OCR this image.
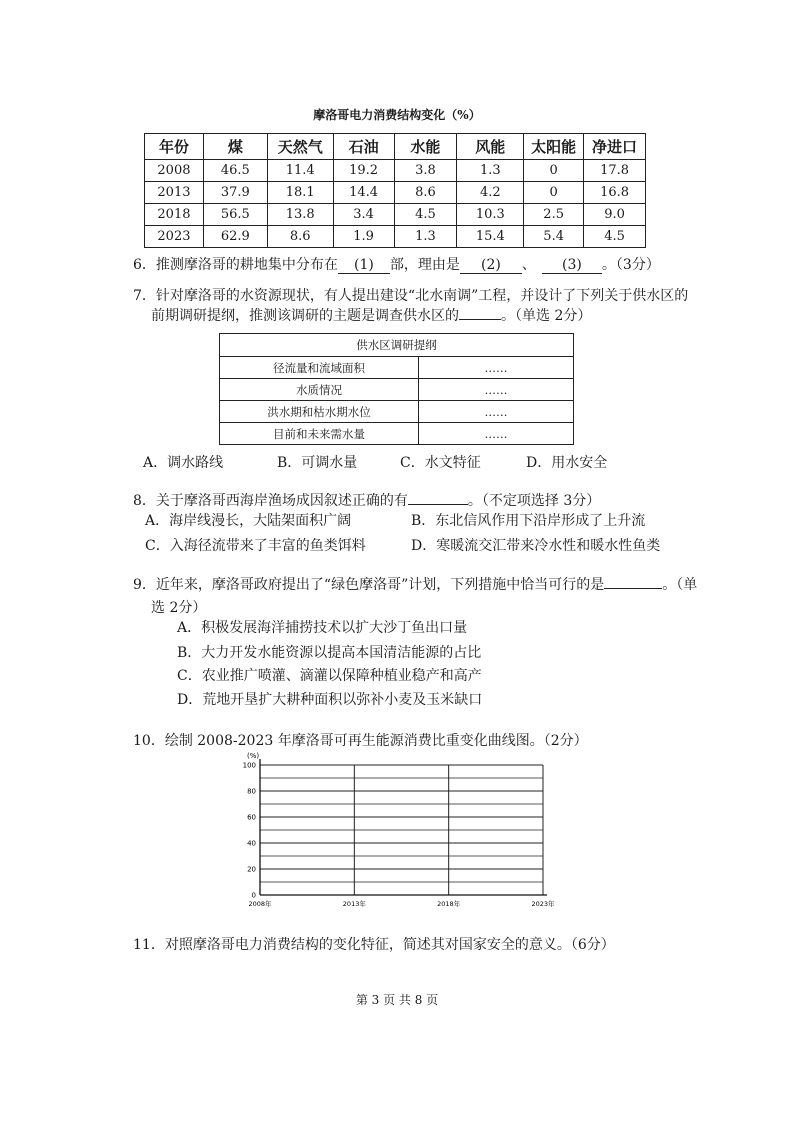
摩洛哥电力消费结构变化（%）
年份	煤	天然气	石油	水能	风能	太阳能	净进口
2008	46.5	11.4	19.2	3.8	1.3	0	17.8
2013	37.9	18.1	14.4	8.6	4.2	0	16.8
2018	56.5	13.8	3.4	4.5	10.3	2.5	9.0
2023	62.9	8.6	1.9	1.3	15.4	5.4	4.5
6．推测摩洛哥的耕地集中分布在 (1) 部，理由是 (2) 、 (3) 。（3分）
7．针对摩洛哥的水资源现状，有人提出建设“北水南调”工程，并设计了下列关于供水区的
前期调研提纲，推测该调研的主题是调查供水区的	。（单选 2分）
供水区调研提纲	
径流量和流域面积	……
水质情况	……
洪水期和枯水期水位	……
目前和未来需水量	……
A．调水路线	B．可调水量	C．水文特征	D．用水安全
8．关于摩洛哥西海岸渔场成因叙述正确的有	。（不定项选择 3分）
A．海岸线漫长，大陆架面积广阔	B．东北信风作用下沿岸形成了上升流
C．入海径流带来了丰富的鱼类饵料	D．寒暖流交汇带来冷水性和暖水性鱼类
9．近年来，摩洛哥政府提出了“绿色摩洛哥”计划，下列措施中恰当可行的是	。（单
选 2分）
A．积极发展海洋捕捞技术以扩大沙丁鱼出口量
B．大力开发水能资源以提高本国清洁能源的占比
C．农业推广喷灌、滴灌以保障种植业稳产和高产
D．荒地开垦扩大耕种面积以弥补小麦及玉米缺口
10．绘制 2008-2023 年摩洛哥可再生能源消费比重变化曲线图。（2分）
0
20
40
60
80
100
2008年	2013年	2018年	2023年
(%)
11．对照摩洛哥电力消费结构的变化特征，简述其对国家安全的意义。（6分）
第 3 页 共 8 页
